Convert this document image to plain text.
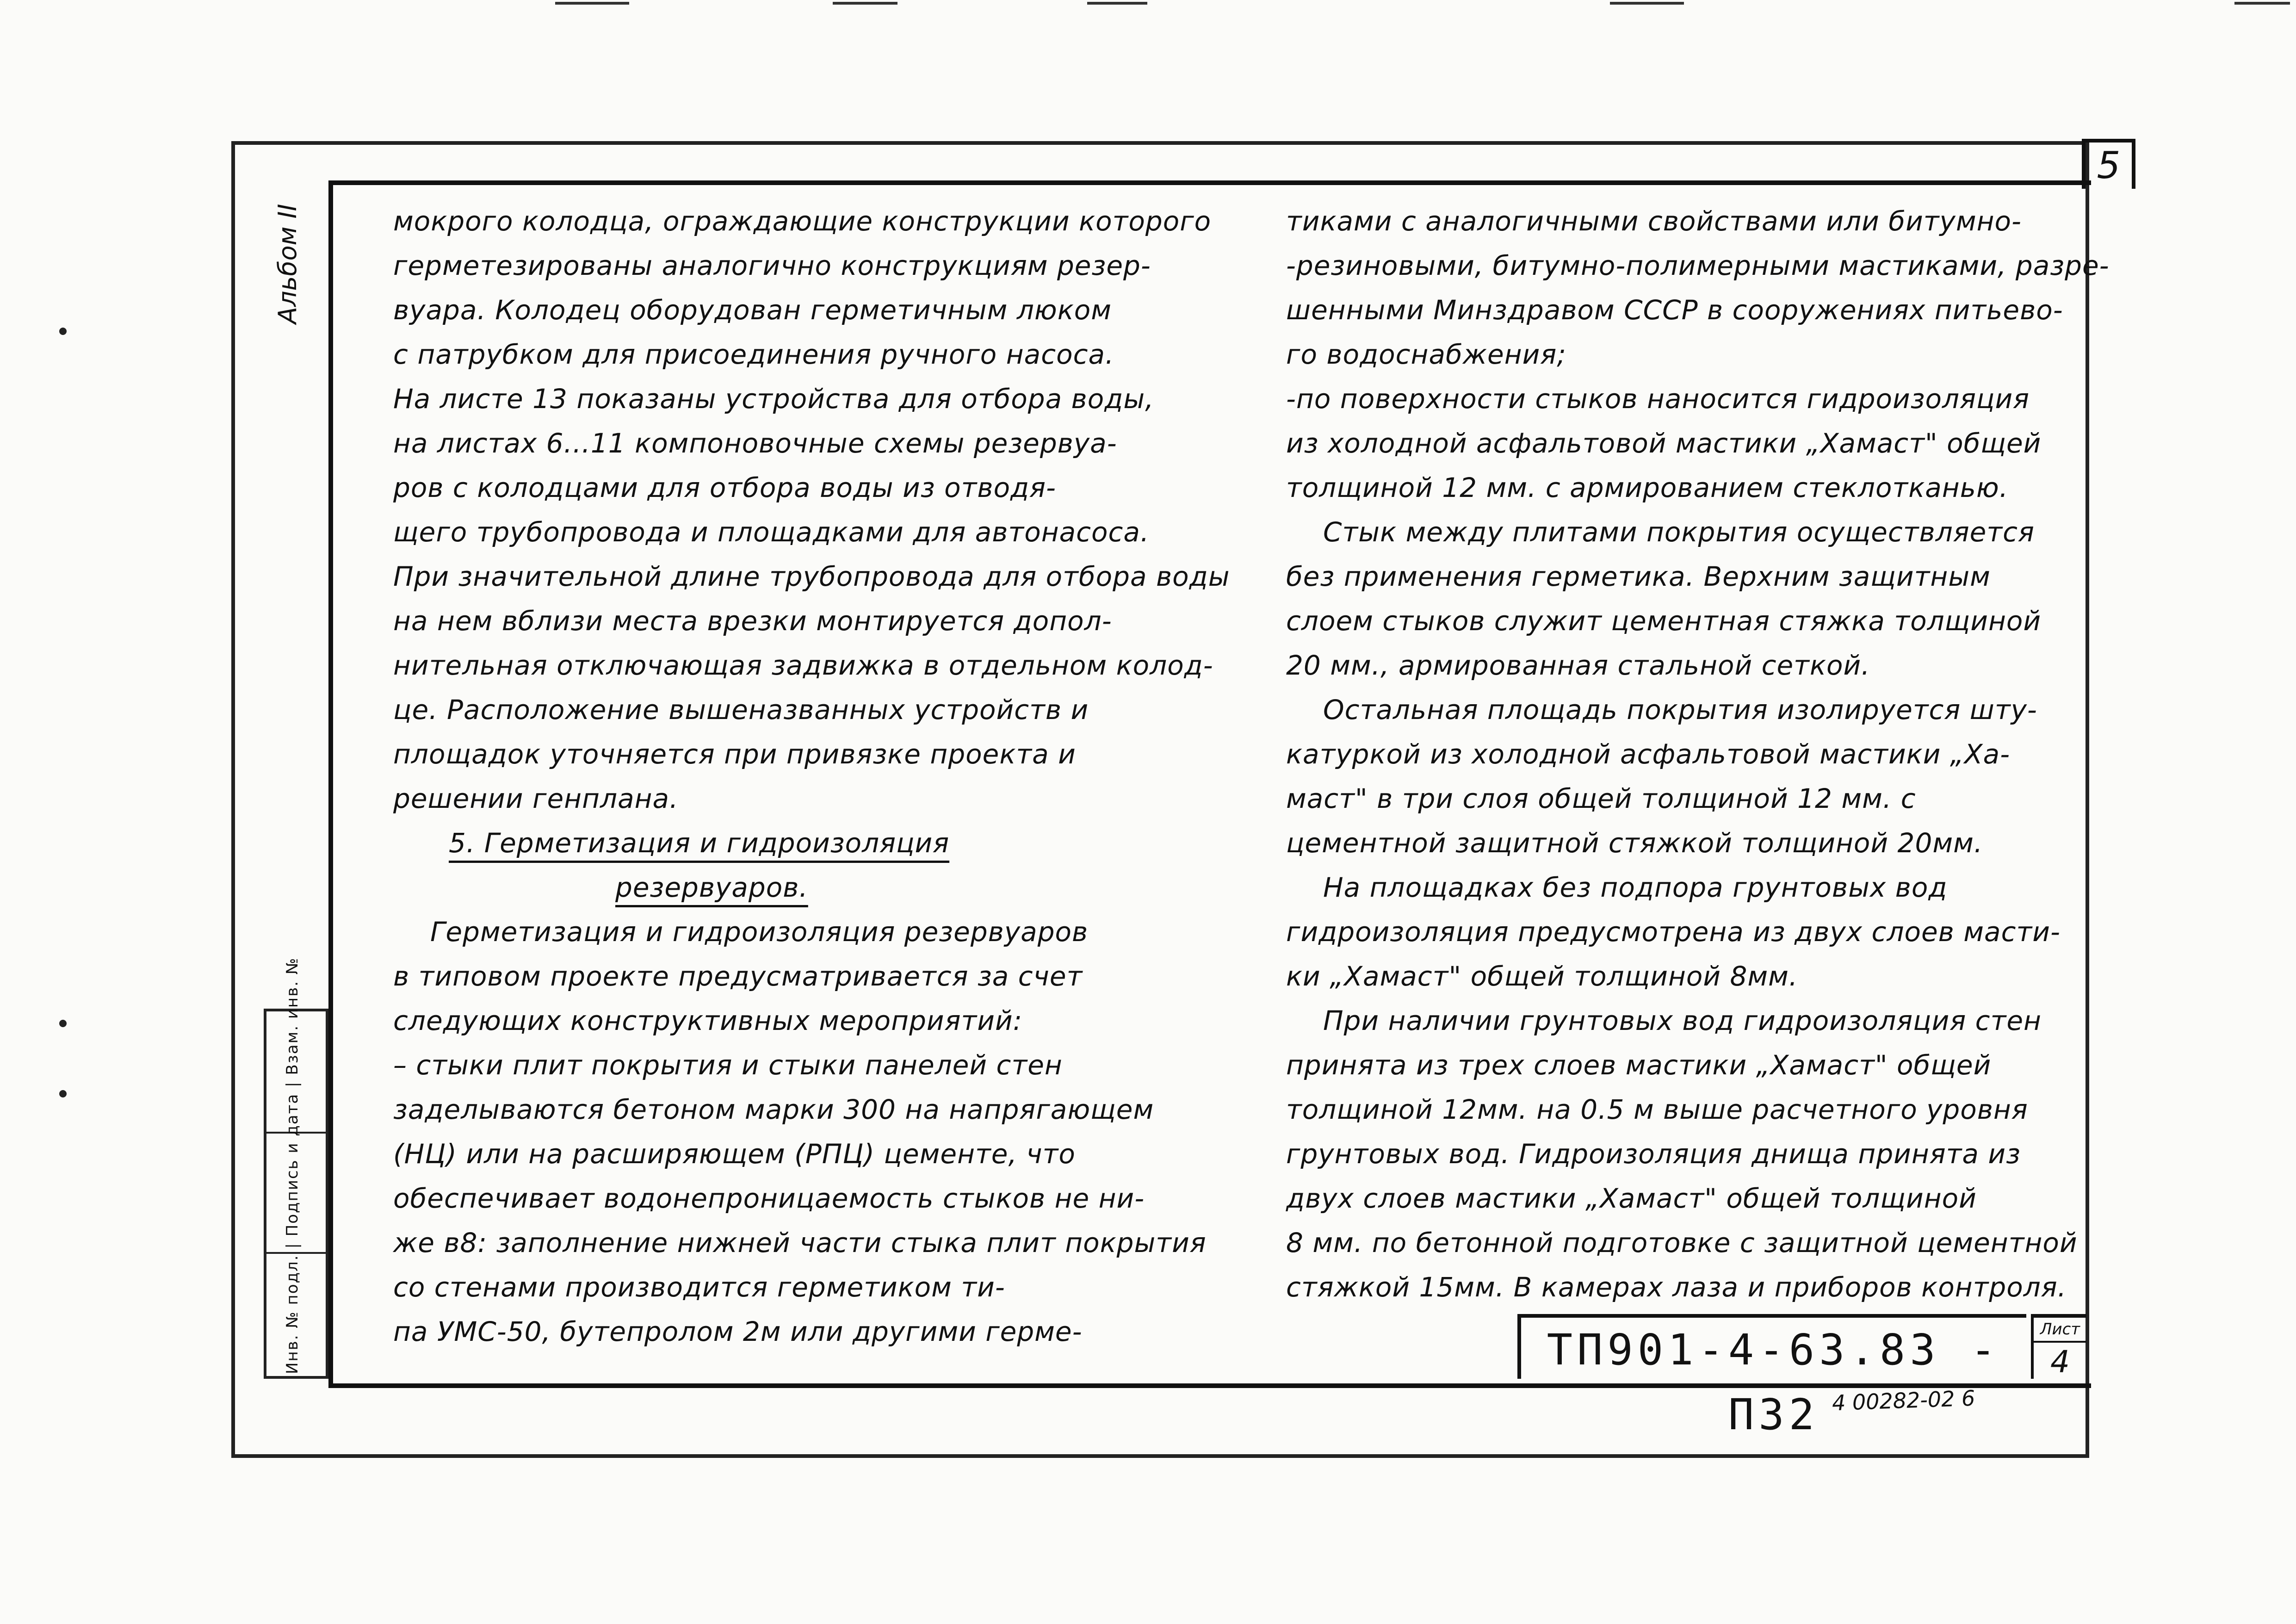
5
Альбом II
Инв. № подл. | Подпись и дата | Взам. инв. №
мокрого колодца, ограждающие конструкции которого
герметезированы аналогично конструкциям резер-
вуара. Колодец оборудован герметичным люком
с патрубком для присоединения ручного насоса.
На листе 13 показаны устройства для отбора воды,
на листах 6...11 компоновочные схемы резервуа-
ров с колодцами для отбора воды из отводя-
щего трубопровода и площадками для автонасоса.
При значительной длине трубопровода для отбора воды
на нем вблизи места врезки монтируется допол-
нительная отключающая задвижка в отдельном колод-
це. Расположение вышеназванных устройств и
площадок уточняется при привязке проекта и
решении генплана.
5. Герметизация и гидроизоляция
резервуаров.
Герметизация и гидроизоляция резервуаров
в типовом проекте предусматривается за счет
следующих конструктивных мероприятий:
– стыки плит покрытия и стыки панелей стен
заделываются бетоном марки 300 на напрягающем
(НЦ) или на расширяющем (РПЦ) цементе, что
обеспечивает водонепроницаемость стыков не ни-
же в8: заполнение нижней части стыка плит покрытия
со стенами производится герметиком ти-
па УМС-50, бутепролом 2м или другими герме-
тиками с аналогичными свойствами или битумно-
-резиновыми, битумно-полимерными мастиками, разре-
шенными Минздравом СССР в сооружениях питьево-
го водоснабжения;
-по поверхности стыков наносится гидроизоляция
из холодной асфальтовой мастики „Хамаст" общей
толщиной 12 мм. с армированием стеклотканью.
Стык между плитами покрытия осуществляется
без применения герметика. Верхним защитным
слоем стыков служит цементная стяжка толщиной
20 мм., армированная стальной сеткой.
Остальная площадь покрытия изолируется шту-
катуркой из холодной асфальтовой мастики „Ха-
маст" в три слоя общей толщиной 12 мм. с
цементной защитной стяжкой толщиной 20мм.
На площадках без подпора грунтовых вод
гидроизоляция предусмотрена из двух слоев масти-
ки „Хамаст" общей толщиной 8мм.
При наличии грунтовых вод гидроизоляция стен
принята из трех слоев мастики „Хамаст" общей
толщиной 12мм. на 0.5 м выше расчетного уровня
грунтовых вод. Гидроизоляция днища принята из
двух слоев мастики „Хамаст" общей толщиной
8 мм. по бетонной подготовке с защитной цементной
стяжкой 15мм. В камерах лаза и приборов контроля.
ТП901-4-63.83 - П32
Лист
4
4 00282-02 6
